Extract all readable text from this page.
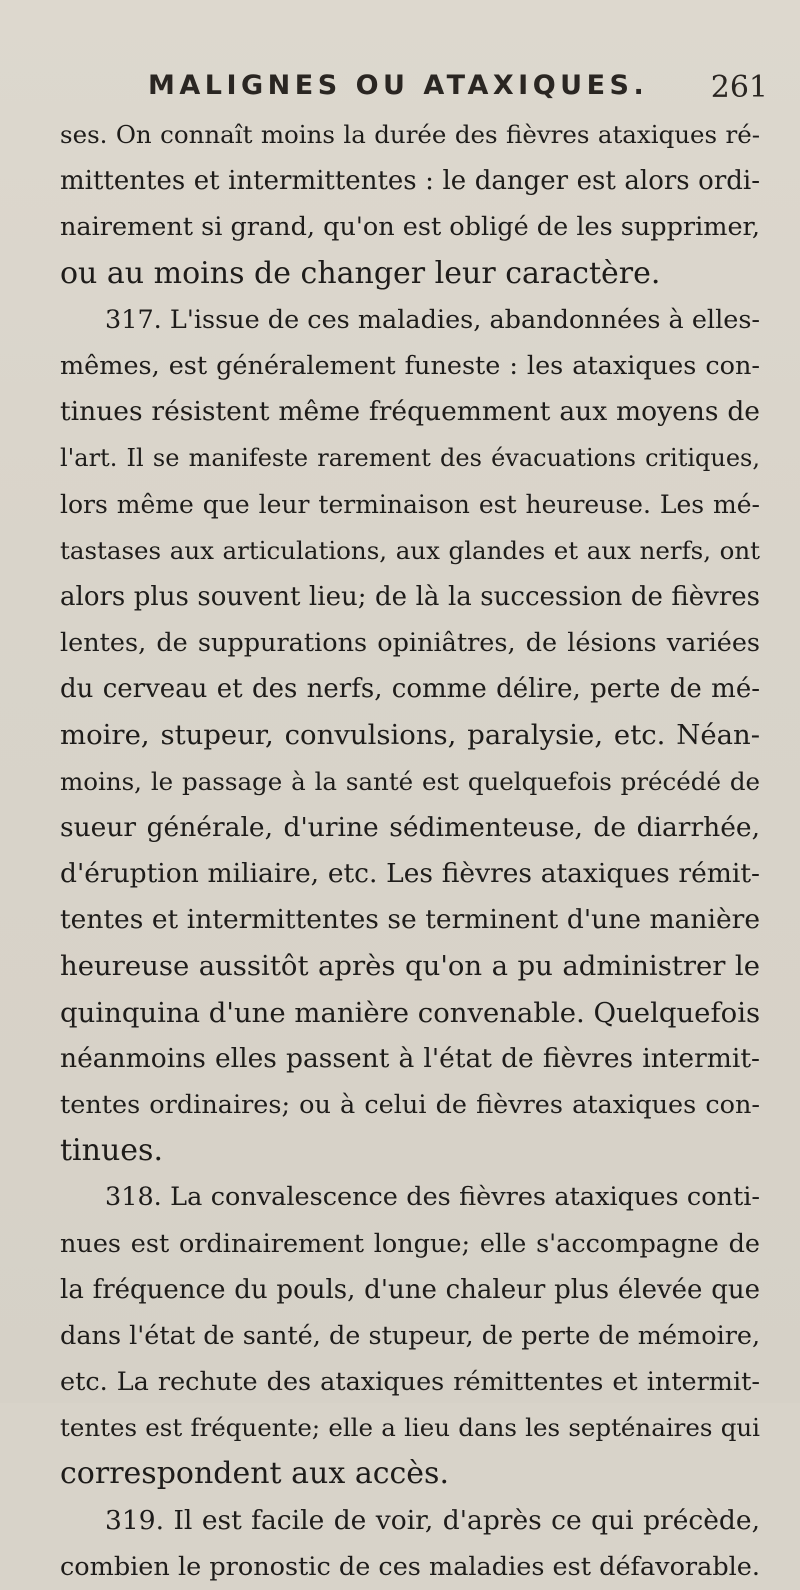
MALIGNES OU ATAXIQUES. 261
ses. On connaît moins la durée des fièvres ataxiques ré-
mittentes et intermittentes : le danger est alors ordi-
nairement si grand, qu'on est obligé de les supprimer,
ou au moins de changer leur caractère.
317. L'issue de ces maladies, abandonnées à elles-
mêmes, est généralement funeste : les ataxiques con-
tinues résistent même fréquemment aux moyens de
l'art. Il se manifeste rarement des évacuations critiques,
lors même que leur terminaison est heureuse. Les mé-
tastases aux articulations, aux glandes et aux nerfs, ont
alors plus souvent lieu; de là la succession de fièvres
lentes, de suppurations opiniâtres, de lésions variées
du cerveau et des nerfs, comme délire, perte de mé-
moire, stupeur, convulsions, paralysie, etc. Néan-
moins, le passage à la santé est quelquefois précédé de
sueur générale, d'urine sédimenteuse, de diarrhée,
d'éruption miliaire, etc. Les fièvres ataxiques rémit-
tentes et intermittentes se terminent d'une manière
heureuse aussitôt après qu'on a pu administrer le
quinquina d'une manière convenable. Quelquefois
néanmoins elles passent à l'état de fièvres intermit-
tentes ordinaires; ou à celui de fièvres ataxiques con-
tinues.
318. La convalescence des fièvres ataxiques conti-
nues est ordinairement longue; elle s'accompagne de
la fréquence du pouls, d'une chaleur plus élevée que
dans l'état de santé, de stupeur, de perte de mémoire,
etc. La rechute des ataxiques rémittentes et intermit-
tentes est fréquente; elle a lieu dans les septénaires qui
correspondent aux accès.
319. Il est facile de voir, d'après ce qui précède,
combien le pronostic de ces maladies est défavorable.
